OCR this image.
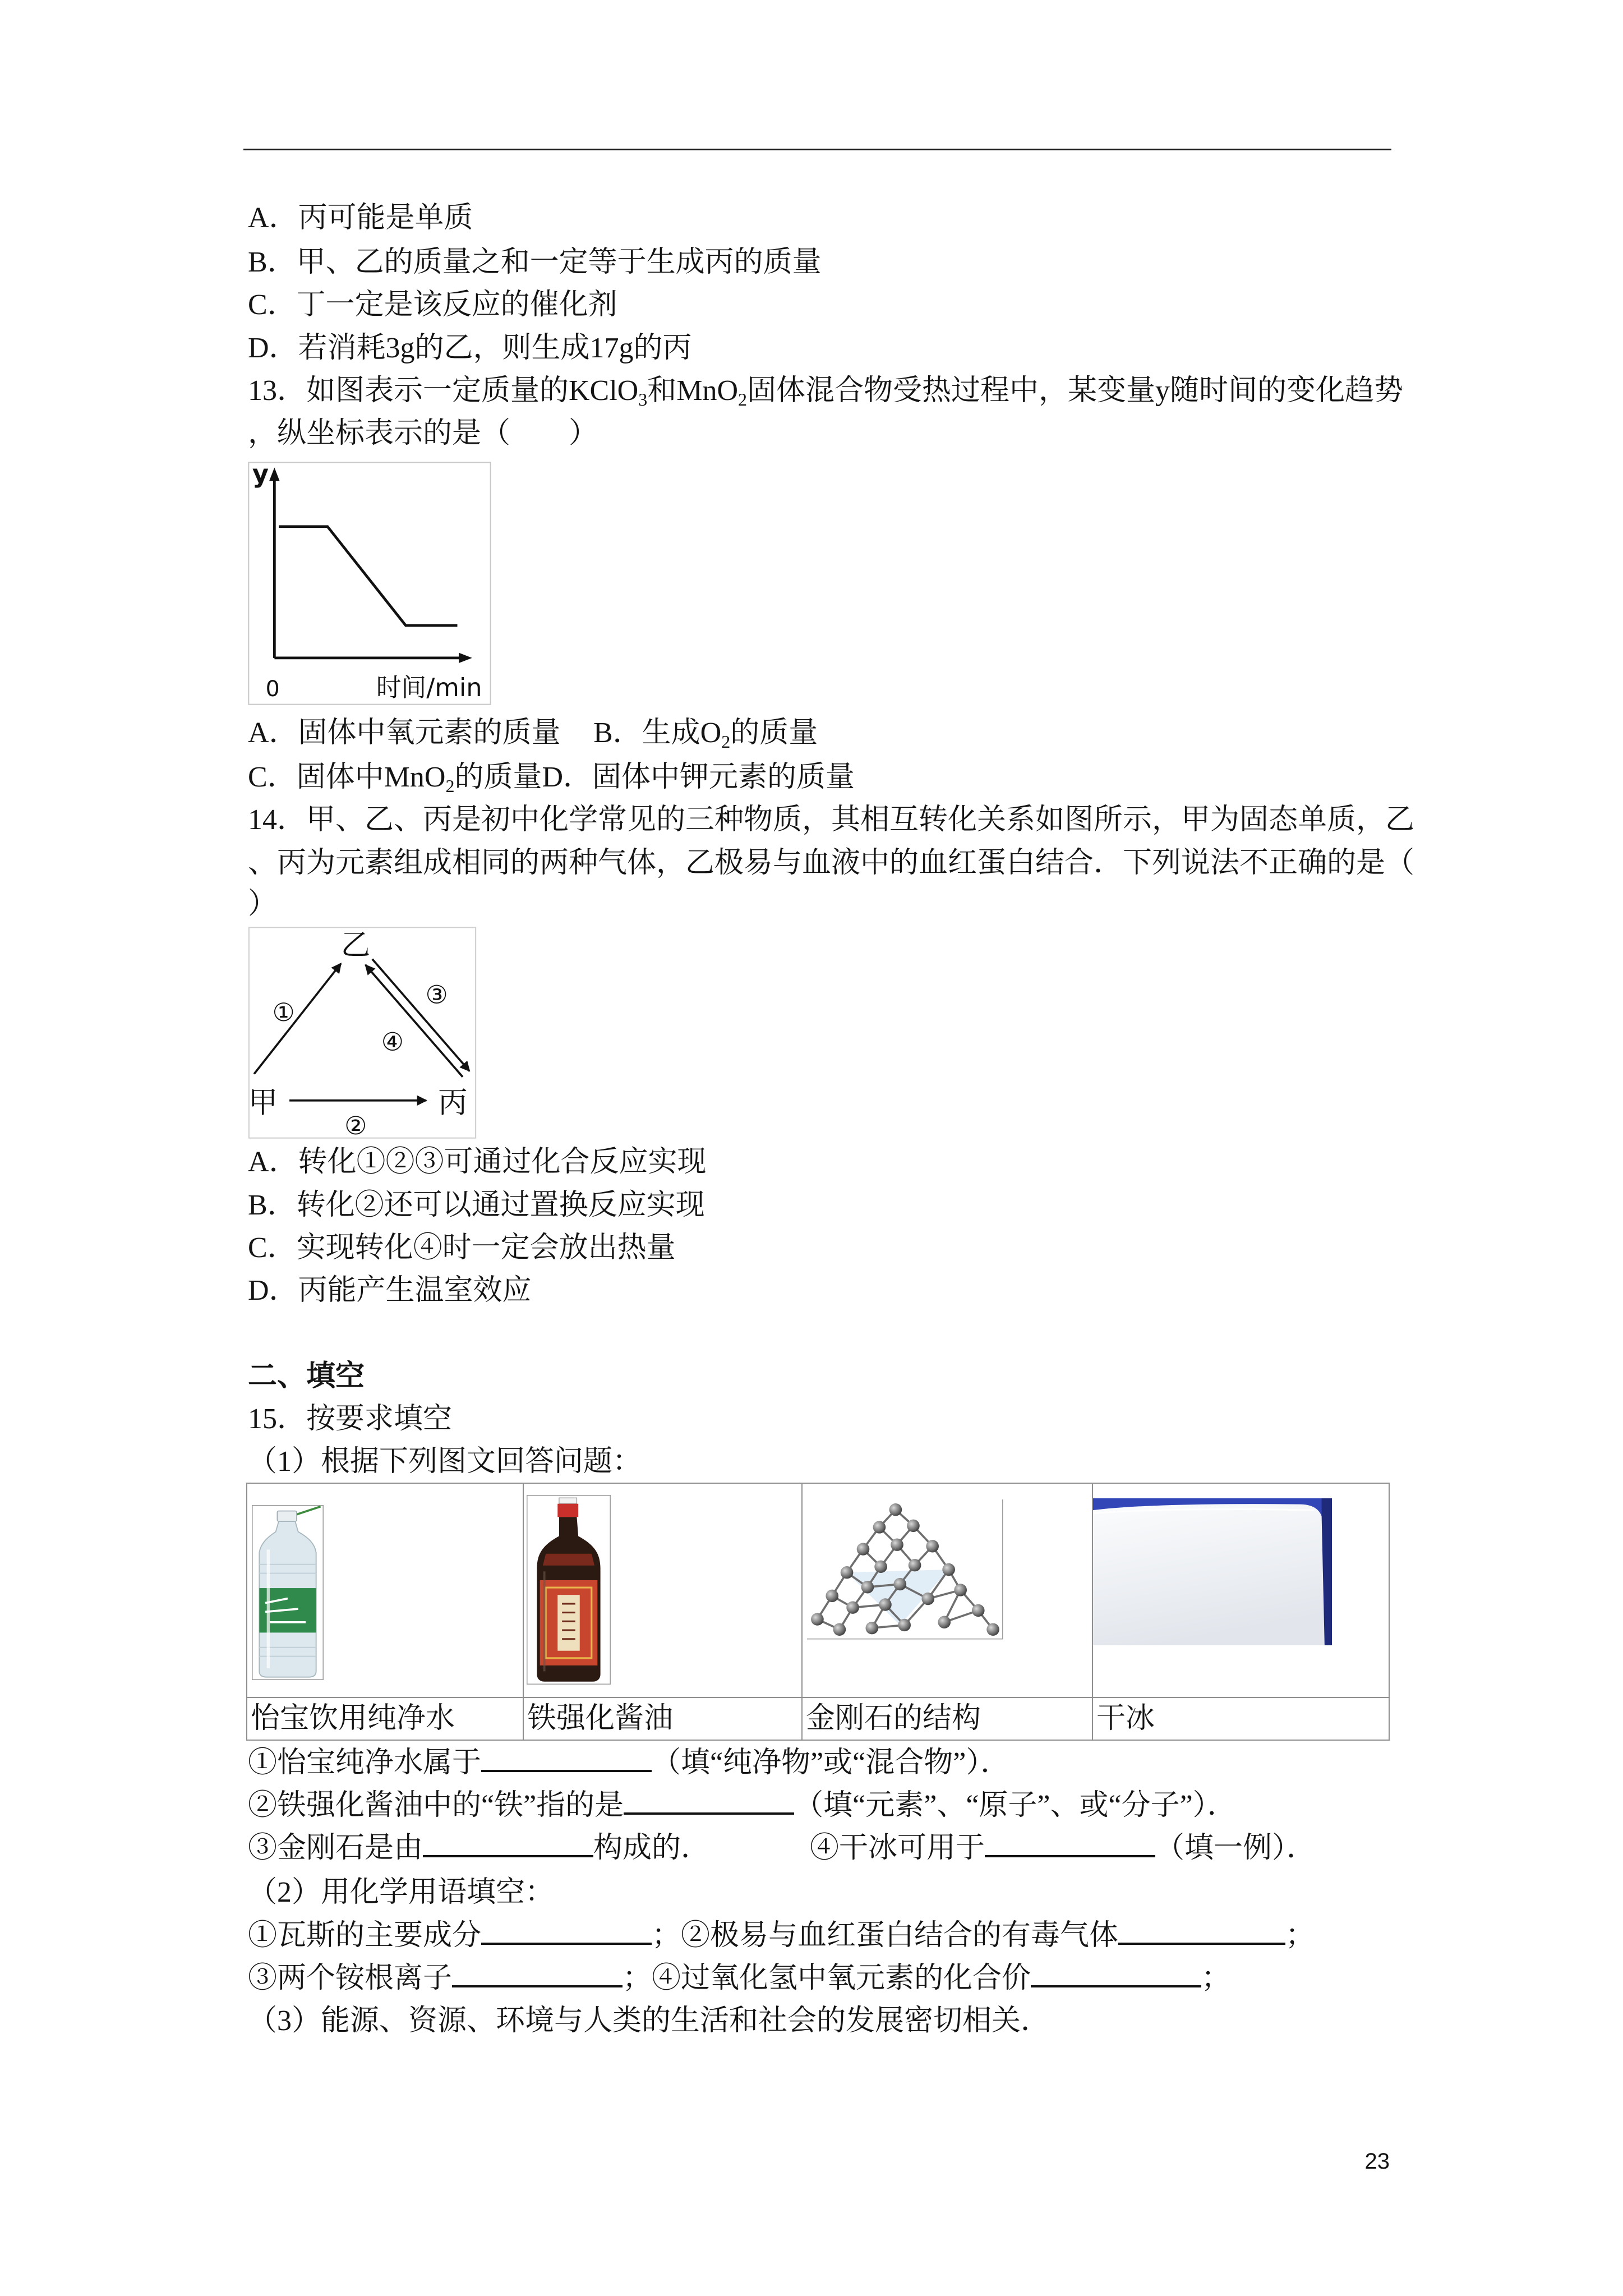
A．丙可能是单质
B．甲、乙的质量之和一定等于生成丙的质量
C．丁一定是该反应的催化剂
D．若消耗3g的乙，则生成17g的丙
13．如图表示一定质量的KClO3和MnO2固体混合物受热过程中，某变量y随时间的变化趋势
，纵坐标表示的是（　　）
y
0	时间/min
A．固体中氧元素的质量 B．生成O2的质量
C．固体中MnO2的质量D．固体中钾元素的质量
14．甲、乙、丙是初中化学常见的三种物质，其相互转化关系如图所示，甲为固态单质，乙
、丙为元素组成相同的两种气体，乙极易与血液中的血红蛋白结合．下列说法不正确的是（
）
乙
甲	丙
①
②
③
④
A．转化①②③可通过化合反应实现
B．转化②还可以通过置换反应实现
C．实现转化④时一定会放出热量
D．丙能产生温室效应
二、填空
15．按要求填空
（1）根据下列图文回答问题：
怡宝饮用纯净水	铁强化酱油	金刚石的结构	干冰
①怡宝纯净水属于	（填“纯净物”或“混合物”）．
②铁强化酱油中的“铁”指的是	（填“元素”、“原子”、或“分子”）．
③金刚石是由	构成的．	④干冰可用于	（填一例）．
（2）用化学用语填空：
①瓦斯的主要成分	；②极易与血红蛋白结合的有毒气体	；
③两个铵根离子	；④过氧化氢中氧元素的化合价	；
（3）能源、资源、环境与人类的生活和社会的发展密切相关．
23
